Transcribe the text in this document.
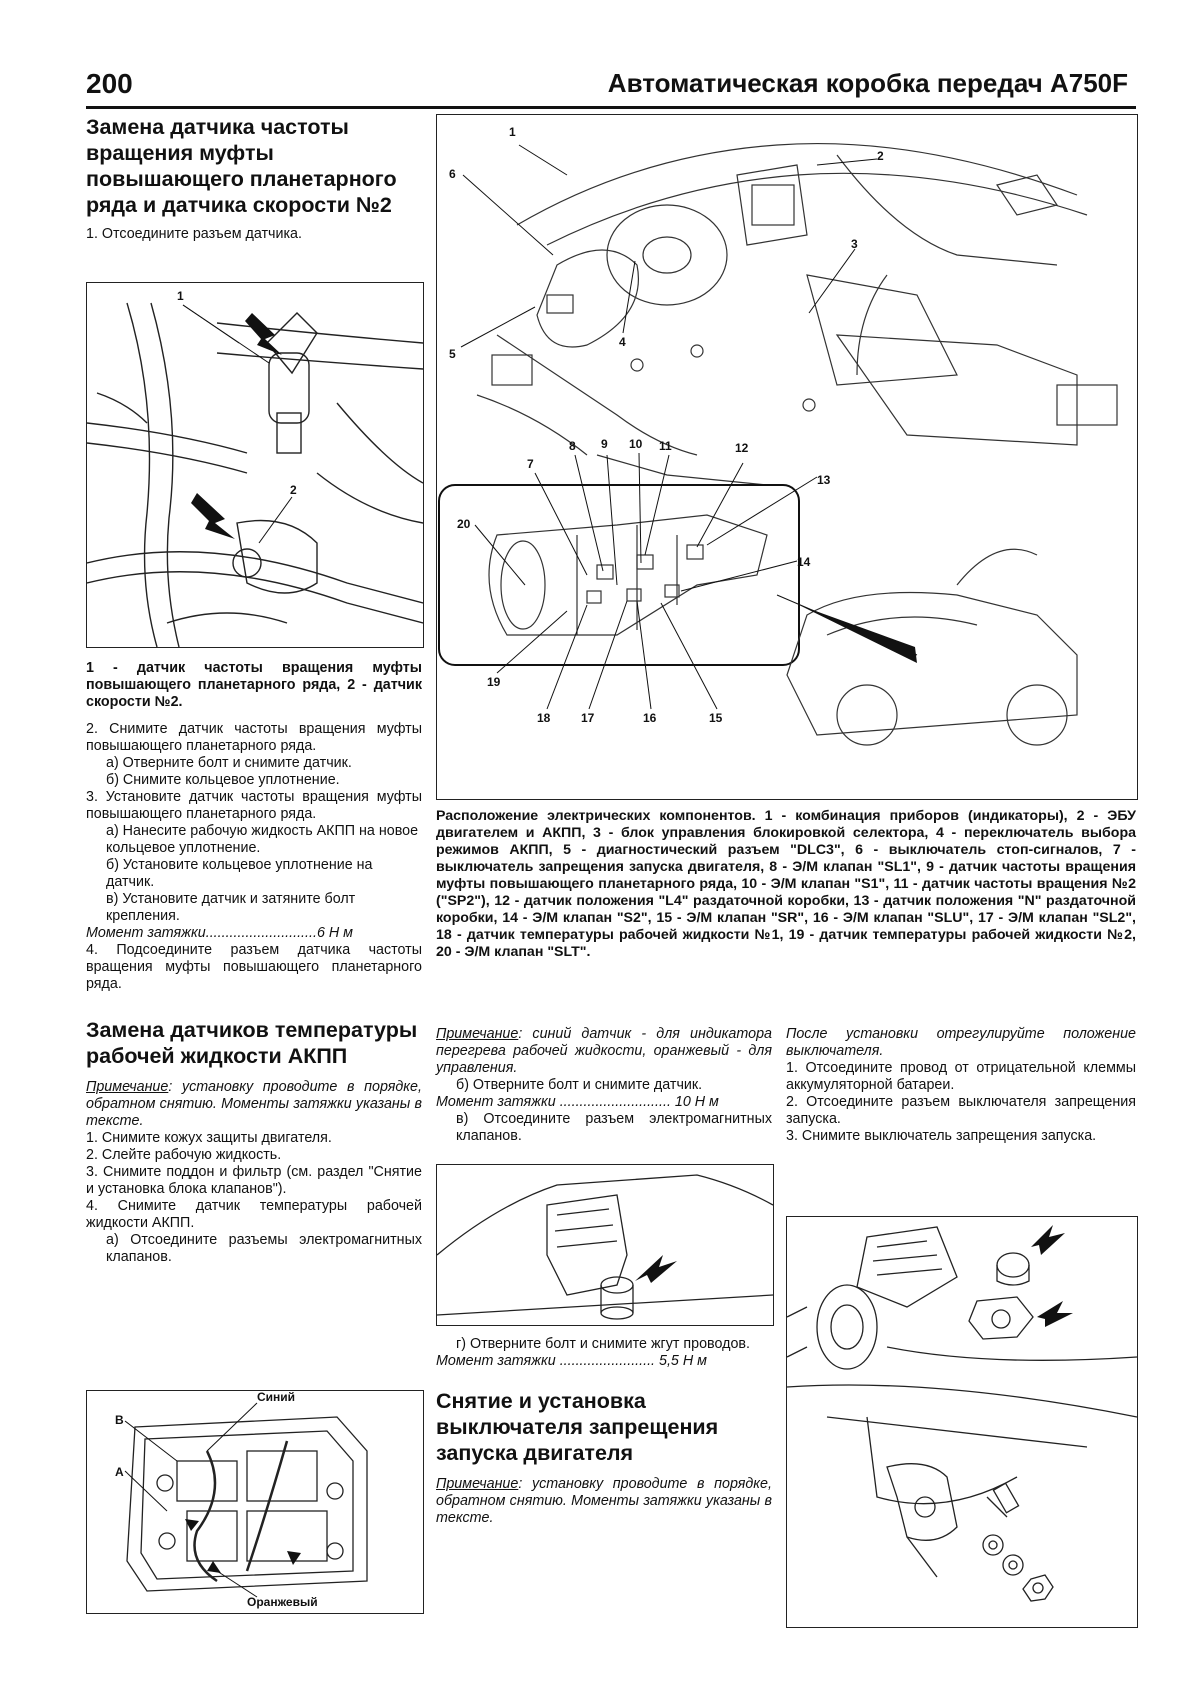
200	Автоматическая коробка передач A750F
Замена датчика частоты вращения муфты повышающего планетарного ряда и датчика скорости №2

1. Отсоедините разъем датчика.

1
2

1 - датчик частоты вращения муфты повышающего планетарного ряда, 2 - датчик скорости №2.

2. Снимите датчик частоты вращения муфты повышающего планетарного ряда.

а) Отверните болт и снимите датчик.

б) Снимите кольцевое уплотнение.

3. Установите датчик частоты вращения муфты повышающего планетарного ряда.

а) Нанесите рабочую жидкость АКПП на новое кольцевое уплотнение.

б) Установите кольцевое уплотнение на датчик.

в) Установите датчик и затяните болт крепления.

Момент затяжки............................6 Н м

4. Подсоедините разъем датчика частоты вращения муфты повышающего планетарного ряда.

Замена датчиков температуры рабочей жидкости АКПП

Примечание: установку проводите в порядке, обратном снятию. Моменты затяжки указаны в тексте.

1. Снимите кожух защиты двигателя.

2. Слейте рабочую жидкость.

3. Снимите поддон и фильтр (см. раздел "Снятие и установка блока клапанов").

4. Снимите датчик температуры рабочей жидкости АКПП.

а) Отсоедините разъемы электромагнитных клапанов.

Синий
B
A
Оранжевый
1
2
3
4
5
6
7
8 9 10 11	12
13
14
15
16
17
18
19
20

Расположение электрических компонентов. 1 - комбинация приборов (индикаторы), 2 - ЭБУ двигателем и АКПП, 3 - блок управления блокировкой селектора, 4 - переключатель выбора режимов АКПП, 5 - диагностический разъем "DLC3", 6 - выключатель стоп-сигналов, 7 - выключатель запрещения запуска двигателя, 8 - Э/М клапан "SL1", 9 - датчик частоты вращения муфты повышающего планетарного ряда, 10 - Э/М клапан "S1", 11 - датчик частоты вращения №2 ("SP2"), 12 - датчик положения "L4" раздаточной коробки, 13 - датчик положения "N" раздаточной коробки, 14 - Э/М клапан "S2", 15 - Э/М клапан "SR", 16 - Э/М клапан "SLU", 17 - Э/М клапан "SL2", 18 - датчик температуры рабочей жидкости №1, 19 - датчик температуры рабочей жидкости №2, 20 - Э/М клапан "SLT".

Примечание: синий датчик - для индикатора перегрева рабочей жидкости, оранжевый - для управления.

б) Отверните болт и снимите датчик.

Момент затяжки ............................ 10 Н м

в) Отсоедините разъем электромагнитных клапанов.

г) Отверните болт и снимите жгут проводов.

Момент затяжки ........................ 5,5 Н м

Снятие и установка выключателя запрещения запуска двигателя

Примечание: установку проводите в порядке, обратном снятию. Моменты затяжки указаны в тексте.

После установки отрегулируйте положение выключателя.

1. Отсоедините провод от отрицательной клеммы аккумуляторной батареи.

2. Отсоедините разъем выключателя запрещения запуска.

3. Снимите выключатель запрещения запуска.
